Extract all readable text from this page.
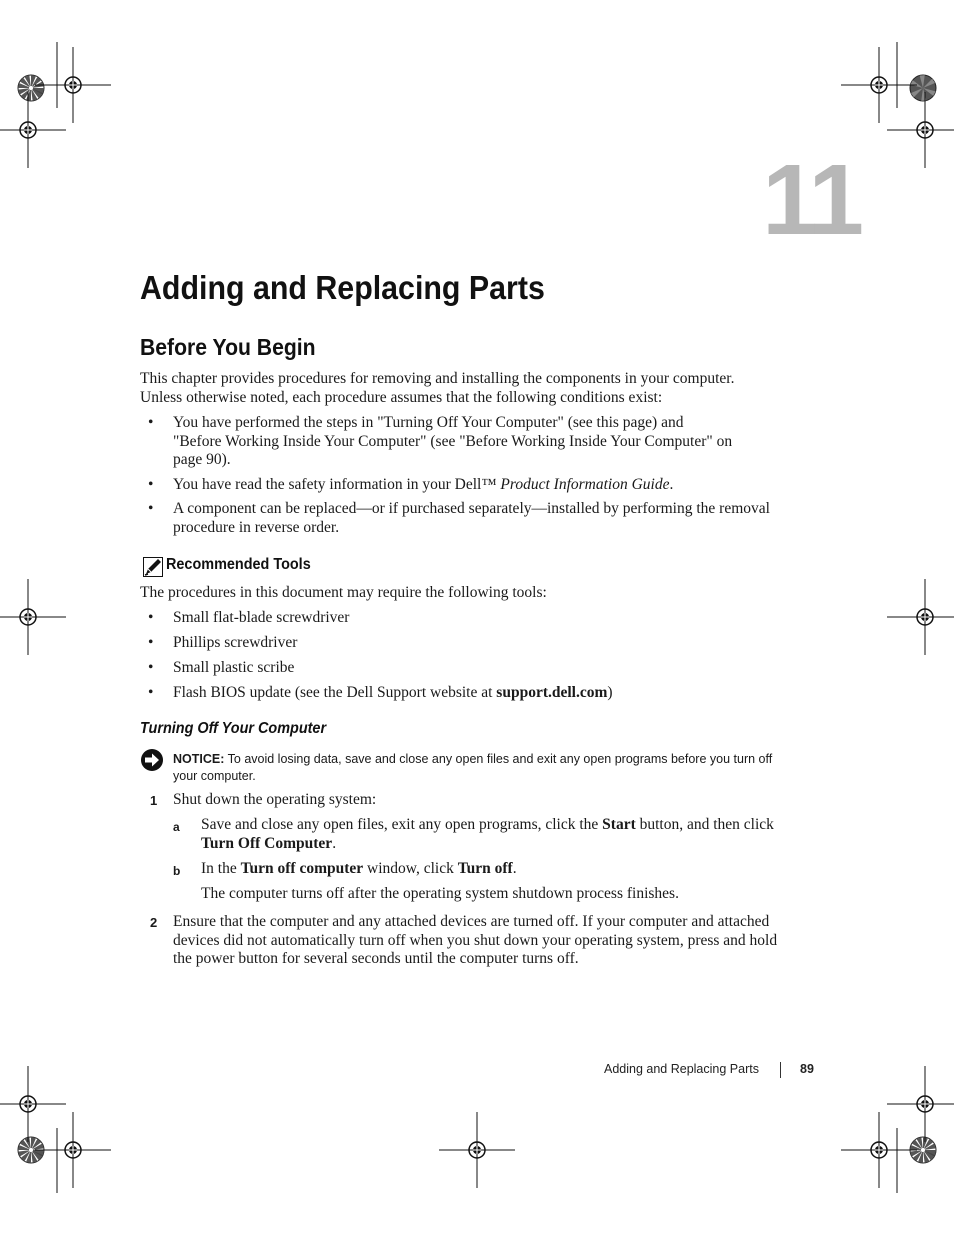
11
Adding and Replacing Parts
Before You Begin

This chapter provides procedures for removing and installing the components in your computer. Unless otherwise noted, each procedure assumes that the following conditions exist:

• You have performed the steps in "Turning Off Your Computer" (see this page) and
"Before Working Inside Your Computer" (see "Before Working Inside Your Computer" on
page 90).
• You have read the safety information in your Dell™ Product Information Guide.
• A component can be replaced—or if purchased separately—installed by performing the removal
procedure in reverse order.
Recommended Tools

The procedures in this document may require the following tools:

• Small flat-blade screwdriver
• Phillips screwdriver
• Small plastic scribe
• Flash BIOS update (see the Dell Support website at support.dell.com)
Turning Off Your Computer
NOTICE: To avoid losing data, save and close any open files and exit any open programs before you turn off
your computer.
1 Shut down the operating system:

a Save and close any open files, exit any open programs, click the Start button, and then click
Turn Off Computer.

b In the Turn off computer window, click Turn off.

The computer turns off after the operating system shutdown process finishes.

2 Ensure that the computer and any attached devices are turned off. If your computer and attached
devices did not automatically turn off when you shut down your operating system, press and hold
the power button for several seconds until the computer turns off.

Adding and Replacing Parts	89
